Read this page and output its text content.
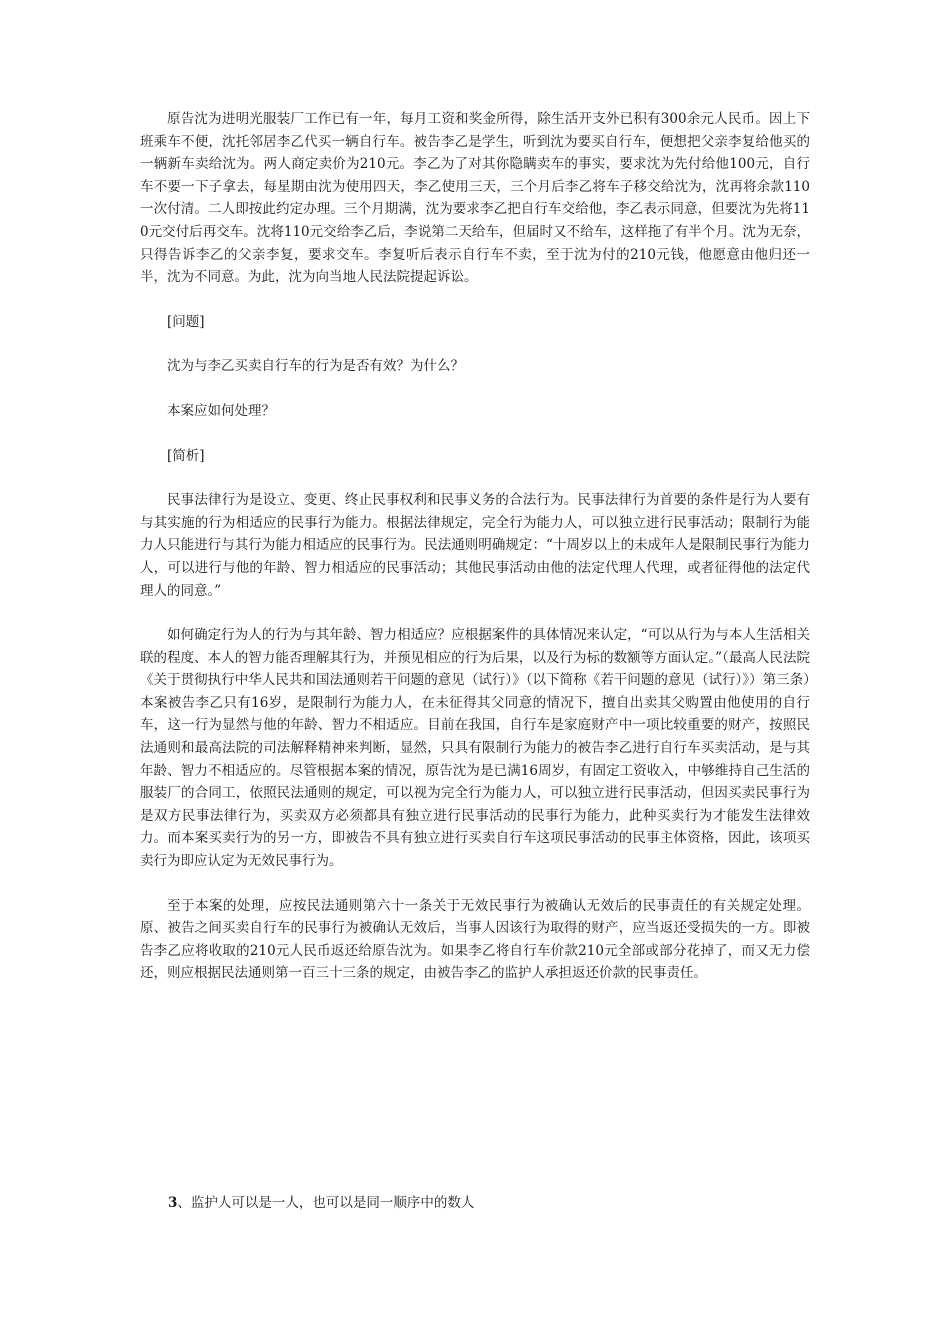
原告沈为进明光服装厂工作已有一年，每月工资和奖金所得，除生活开支外已积有300余元人民币。因上下班乘车不便，沈托邻居李乙代买一辆自行车。被告李乙是学生，听到沈为要买自行车，便想把父亲李复给他买的一辆新车卖给沈为。两人商定卖价为210元。李乙为了对其你隐瞒卖车的事实，要求沈为先付给他100元，自行车不要一下子拿去，每星期由沈为使用四天，李乙使用三天，三个月后李乙将车子移交给沈为，沈再将余款110一次付清。二人即按此约定办理。三个月期满，沈为要求李乙把自行车交给他，李乙表示同意，但要沈为先将110元交付后再交车。沈将110元交给李乙后，李说第二天给车，但届时又不给车，这样拖了有半个月。沈为无奈，只得告诉李乙的父亲李复，要求交车。李复听后表示自行车不卖，至于沈为付的210元钱，他愿意由他归还一半，沈为不同意。为此，沈为向当地人民法院提起诉讼。

[问题]

沈为与李乙买卖自行车的行为是否有效？为什么？

本案应如何处理？

[简析]

民事法律行为是设立、变更、终止民事权利和民事义务的合法行为。民事法律行为首要的条件是行为人要有与其实施的行为相适应的民事行为能力。根据法律规定，完全行为能力人，可以独立进行民事活动；限制行为能力人只能进行与其行为能力相适应的民事行为。民法通则明确规定：“十周岁以上的未成年人是限制民事行为能力人，可以进行与他的年龄、智力相适应的民事活动；其他民事活动由他的法定代理人代理，或者征得他的法定代理人的同意。”

如何确定行为人的行为与其年龄、智力相适应？应根据案件的具体情况来认定，“可以从行为与本人生活相关联的程度、本人的智力能否理解其行为，并预见相应的行为后果，以及行为标的数额等方面认定。”（最高人民法院《关于贯彻执行中华人民共和国法通则若干问题的意见（试行）》（以下简称《若干问题的意见（试行）》）第三条）本案被告李乙只有16岁，是限制行为能力人，在未征得其父同意的情况下，擅自出卖其父购置由他使用的自行车，这一行为显然与他的年龄、智力不相适应。目前在我国，自行车是家庭财产中一项比较重要的财产，按照民法通则和最高法院的司法解释精神来判断，显然，只具有限制行为能力的被告李乙进行自行车买卖活动，是与其年龄、智力不相适应的。尽管根据本案的情况，原告沈为是已满16周岁，有固定工资收入，中够维持自己生活的服装厂的合同工，依照民法通则的规定，可以视为完全行为能力人，可以独立进行民事活动，但因买卖民事行为是双方民事法律行为，买卖双方必须都具有独立进行民事活动的民事行为能力，此种买卖行为才能发生法律效力。而本案买卖行为的另一方，即被告不具有独立进行买卖自行车这项民事活动的民事主体资格，因此，该项买卖行为即应认定为无效民事行为。

至于本案的处理，应按民法通则第六十一条关于无效民事行为被确认无效后的民事责任的有关规定处理。原、被告之间买卖自行车的民事行为被确认无效后，当事人因该行为取得的财产，应当返还受损失的一方。即被告李乙应将收取的210元人民币返还给原告沈为。如果李乙将自行车价款210元全部或部分花掉了，而又无力偿还，则应根据民法通则第一百三十三条的规定，由被告李乙的监护人承担返还价款的民事责任。

3、监护人可以是一人，也可以是同一顺序中的数人
